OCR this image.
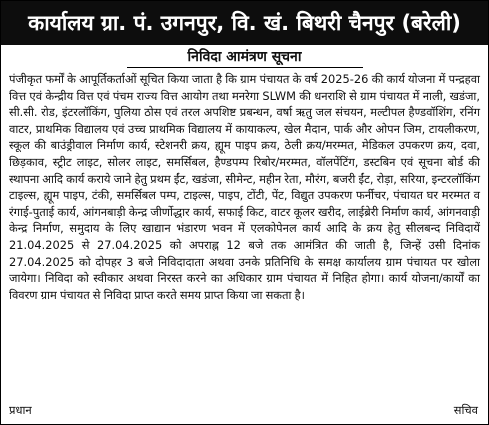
कार्यालय ग्रा. पं. उगनपुर, वि. खं. बिथरी चैनपुर (बरेली)
निविदा आमंत्रण सूचना
पंजीकृत फर्मों के आपूर्तिकर्ताओं सूचित किया जाता है कि ग्राम पंचायत के वर्ष 2025-26 की कार्य योजना में पन्द्रहवा वित्त एवं केन्द्रीय वित्त एवं पंचम राज्य वित्त आयोग तथा मनरेगा SLWM की धनराशि से ग्राम पंचायत में नाली, खडंजा, सी.सी. रोड, इंटरलॉकिंग, पुलिया ठोस एवं तरल अपशिष्ट प्रबन्धन, वर्षा ऋतु जल संचयन, मल्टीपल हैण्डवॉशिंग, रनिंग वाटर, प्राथमिक विद्यालय एवं उच्च प्राथमिक विद्यालय में कायाकल्प, खेल मैदान, पार्क और ओपन जिम, टायलीकरण, स्कूल की बाउंड्रीवाल निर्माण कार्य, स्टेशनरी क्रय, ह्यूम पाइप क्रय, ठेली क्रय/मरम्मत, मेडिकल उपकरण क्रय, दवा, छिड़काव, स्ट्रीट लाइट, सोलर लाइट, समर्सिबल, हैण्डपम्प रिबोर/मरम्मत, वॉलपेंटिंग, डस्टबिन एवं सूचना बोर्ड की स्थापना आदि कार्य कराये जाने हेतु प्रथम ईंट, खडंजा, सीमेन्ट, महीन रेता, मौरंग, बजरी ईंट, रोड़ा, सरिया, इन्टरलॉकिंग टाइल्स, ह्यूम पाइप, टंकी, समर्सिबल पम्प, टाइल्स, पाइप, टोंटी, पेंट, विद्युत उपकरण फर्नीचर, पंचायत घर मरम्मत व रंगाई-पुताई कार्य, आंगनबाड़ी केन्द्र जीर्णोद्धार कार्य, सफाई किट, वाटर कूलर खरीद, लाईब्रेरी निर्माण कार्य, आंगनवाड़ी केन्द्र निर्माण, समुदाय के लिए खाद्यान भंडारण भवन में एलकोपेनल कार्य आदि के क्रय हेतु सीलबन्द निविदायें 21.04.2025 से 27.04.2025 को अपराह्न 12 बजे तक आमंत्रित की जाती है, जिन्हें उसी दिनांक 27.04.2025 को दोपहर 3 बजे निविदादाता अथवा उनके प्रतिनिधि के समक्ष कार्यालय ग्राम पंचायत पर खोला जायेगा। निविदा को स्वीकार अथवा निरस्त करने का अधिकार ग्राम पंचायत में निहित होगा। कार्य योजना/कार्यों का विवरण ग्राम पंचायत से निविदा प्राप्त करते समय प्राप्त किया जा सकता है।
प्रधान	सचिव
